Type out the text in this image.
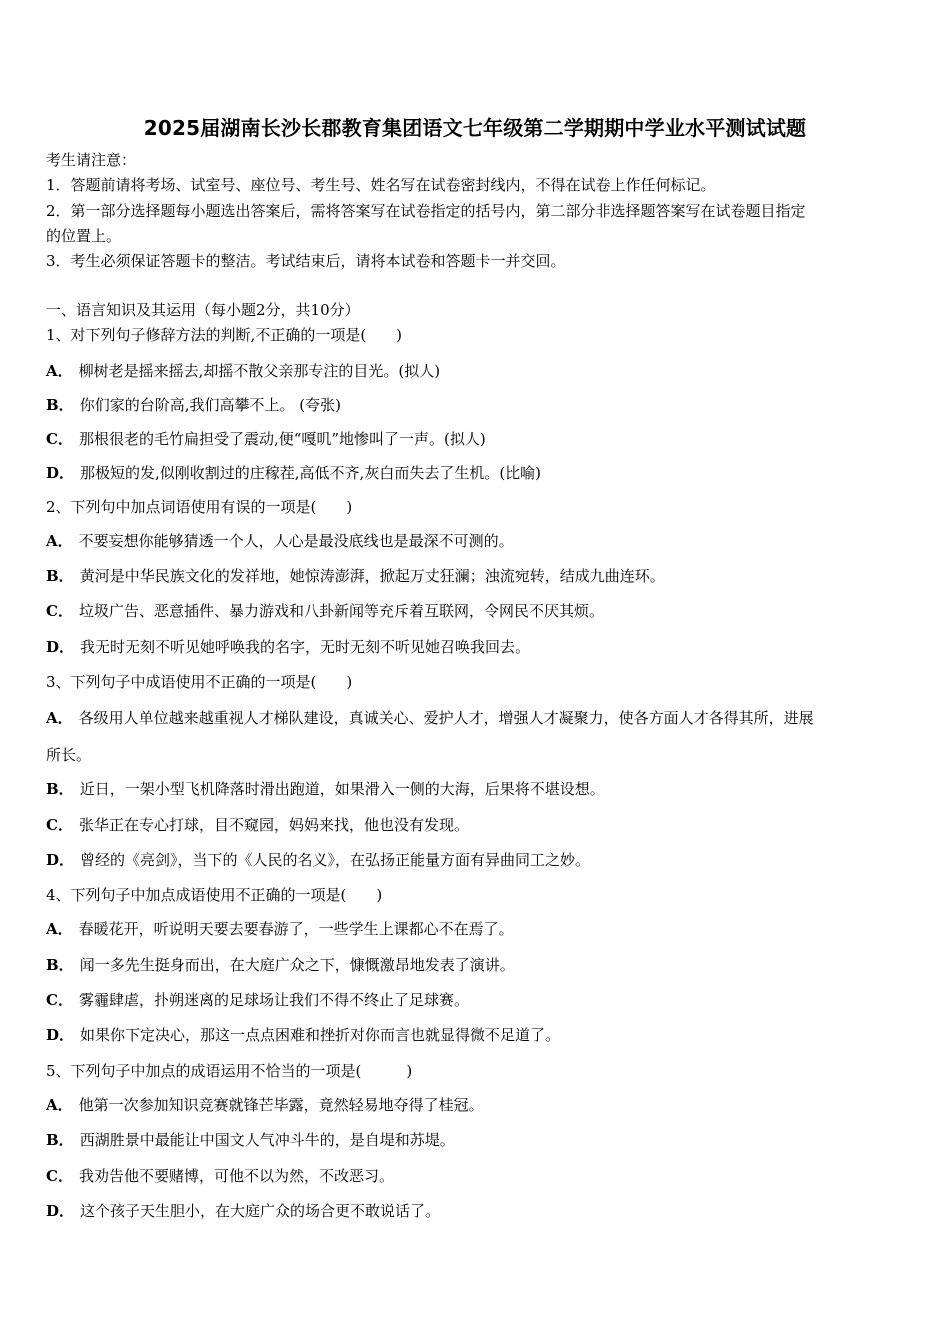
2025届湖南长沙长郡教育集团语文七年级第二学期期中学业水平测试试题
考生请注意：
1．答题前请将考场、试室号、座位号、考生号、姓名写在试卷密封线内，不得在试卷上作任何标记。
2．第一部分选择题每小题选出答案后，需将答案写在试卷指定的括号内，第二部分非选择题答案写在试卷题目指定
的位置上。
3．考生必须保证答题卡的整洁。考试结束后，请将本试卷和答题卡一并交回。
一、语言知识及其运用（每小题2分，共10分）
1、对下列句子修辞方法的判断,不正确的一项是(　　)
A． 柳树老是摇来摇去,却摇不散父亲那专注的目光。(拟人)
B． 你们家的台阶高,我们高攀不上。 (夸张)
C． 那根很老的毛竹扁担受了震动,便“嘎叽”地惨叫了一声。(拟人)
D． 那极短的发,似刚收割过的庄稼茬,高低不齐,灰白而失去了生机。(比喻)
2、下列句中加点词语使用有误的一项是(　　)
A． 不要妄想你能够猜透一个人，人心是最没底线也是最深不可测的。
B． 黄河是中华民族文化的发祥地，她惊涛澎湃，掀起万丈狂澜；浊流宛转，结成九曲连环。
C． 垃圾广告、恶意插件、暴力游戏和八卦新闻等充斥着互联网，令网民不厌其烦。
D． 我无时无刻不听见她呼唤我的名字，无时无刻不听见她召唤我回去。
3、下列句子中成语使用不正确的一项是(　　)
A． 各级用人单位越来越重视人才梯队建设，真诚关心、爱护人才，增强人才凝聚力，使各方面人才各得其所，进展
所长。
B． 近日，一架小型飞机降落时滑出跑道，如果滑入一侧的大海，后果将不堪设想。
C． 张华正在专心打球，目不窥园，妈妈来找，他也没有发现。
D． 曾经的《亮剑》，当下的《人民的名义》，在弘扬正能量方面有异曲同工之妙。
4、下列句子中加点成语使用不正确的一项是(　　)
A． 春暖花开，听说明天要去要春游了，一些学生上课都心不在焉了。
B． 闻一多先生挺身而出，在大庭广众之下，慷慨激昂地发表了演讲。
C． 雾霾肆虐，扑朔迷离的足球场让我们不得不终止了足球赛。
D． 如果你下定决心，那这一点点困难和挫折对你而言也就显得微不足道了。
5、下列句子中加点的成语运用不恰当的一项是(　　　)
A． 他第一次参加知识竞赛就锋芒毕露，竟然轻易地夺得了桂冠。
B． 西湖胜景中最能让中国文人气冲斗牛的，是自堤和苏堤。
C． 我劝告他不要赌博，可他不以为然，不改恶习。
D． 这个孩子天生胆小，在大庭广众的场合更不敢说话了。
